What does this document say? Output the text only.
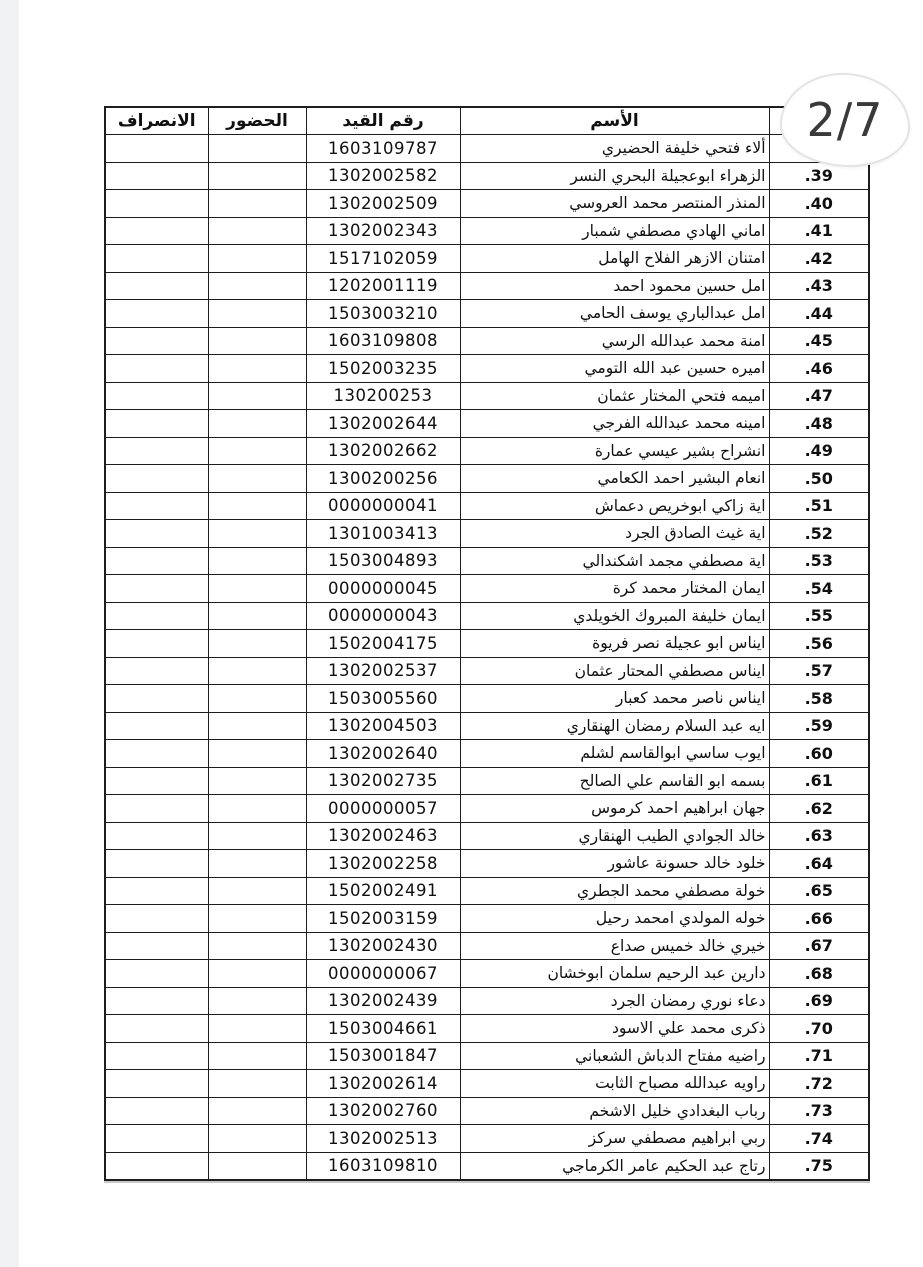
	الأسم	رقم القيد	الحضور	الانصراف
	ألاء فتحي خليفة الحضيري	1603109787		
39.	الزهراء ابوعجيلة البحري النسر	1302002582		
40.	المنذر المنتصر محمد العروسي	1302002509		
41.	اماني الهادي مصطفي شمبار	1302002343		
42.	امتنان الازهر الفلاح الهامل	1517102059		
43.	امل حسين محمود احمد	1202001119		
44.	امل عبدالباري يوسف الحامي	1503003210		
45.	امنة محمد عبدالله الرسي	1603109808		
46.	اميره حسين عبد الله التومي	1502003235		
47.	اميمه فتحي المختار عثمان	130200253		
48.	امينه محمد عبدالله الفرجي	1302002644		
49.	انشراح بشير عيسي عمارة	1302002662		
50.	انعام البشير احمد الكعامي	1300200256		
51.	اية زاكي ابوخريص دعماش	0000000041		
52.	اية غيث الصادق الجرد	1301003413		
53.	اية مصطفي مجمد اشكندالي	1503004893		
54.	ايمان المختار محمد كرة	0000000045		
55.	ايمان خليفة المبروك الخويلدي	0000000043		
56.	ايناس ابو عجيلة نصر فريوة	1502004175		
57.	ايناس مصطفي المحتار عثمان	1302002537		
58.	ايناس ناصر محمد كعبار	1503005560		
59.	ايه عبد السلام رمضان الهنقاري	1302004503		
60.	ايوب ساسي ابوالقاسم لشلم	1302002640		
61.	بسمه ابو القاسم علي الصالح	1302002735		
62.	جهان ابراهيم احمد كرموس	0000000057		
63.	خالد الجوادي الطيب الهنقاري	1302002463		
64.	خلود خالد حسونة عاشور	1302002258		
65.	خولة مصطفي محمد الجطري	1502002491		
66.	خوله المولدي امحمد رحيل	1502003159		
67.	خيري خالد خميس صداع	1302002430		
68.	دارين عبد الرحيم سلمان ابوخشان	0000000067		
69.	دعاء نوري رمضان الجرد	1302002439		
70.	ذكرى محمد علي الاسود	1503004661		
71.	راضيه مفتاح الدباش الشعباني	1503001847		
72.	راويه عبدالله مصباح الثابت	1302002614		
73.	رباب البغدادي خليل الاشخم	1302002760		
74.	ربي ابراهيم مصطفي سركز	1302002513		
75.	رتاج عبد الحكيم عامر الكرماجي	1603109810		
2/7
